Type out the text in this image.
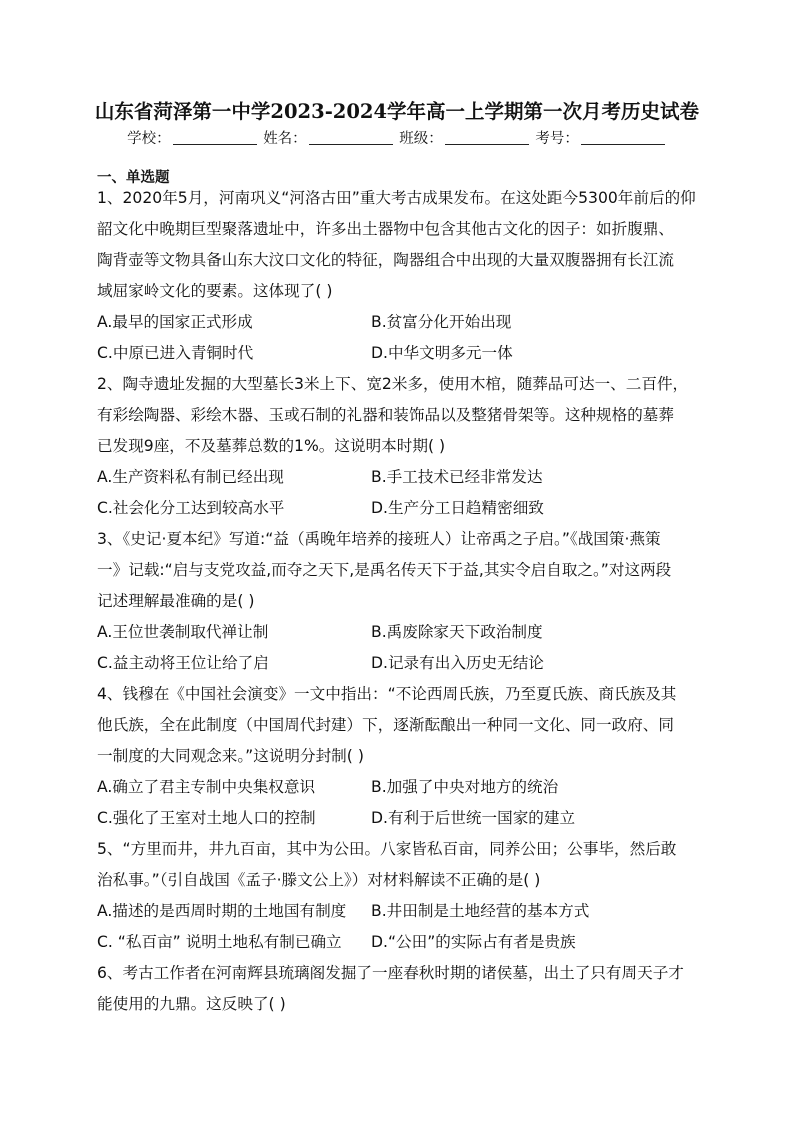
山东省菏泽第一中学2023-2024学年高一上学期第一次月考历史试卷
学校：	姓名：	班级：	考号：
一、单选题
1、2020年5月，河南巩义“河洛古田”重大考古成果发布。在这处距今5300年前后的仰
韶文化中晚期巨型聚落遗址中，许多出土器物中包含其他古文化的因子：如折腹鼎、
陶背壶等文物具备山东大汶口文化的特征，陶器组合中出现的大量双腹器拥有长江流
域屈家岭文化的要素。这体现了( )
A.最早的国家正式形成	B.贫富分化开始出现
C.中原已进入青铜时代	D.中华文明多元一体
2、陶寺遗址发掘的大型墓长3米上下、宽2米多，使用木棺，随葬品可达一、二百件，
有彩绘陶器、彩绘木器、玉或石制的礼器和装饰品以及整猪骨架等。这种规格的墓葬
已发现9座，不及墓葬总数的1%。这说明本时期( )
A.生产资料私有制已经出现	B.手工技术已经非常发达
C.社会化分工达到较高水平	D.生产分工日趋精密细致
3、《史记·夏本纪》写道:“益（禹晚年培养的接班人）让帝禹之子启。”《战国策·燕策
一》记载:“启与支党攻益,而夺之天下,是禹名传天下于益,其实令启自取之。”对这两段
记述理解最准确的是( )
A.王位世袭制取代禅让制	B.禹废除家天下政治制度
C.益主动将王位让给了启	D.记录有出入历史无结论
4、钱穆在《中国社会演变》一文中指出：“不论西周氏族，乃至夏氏族、商氏族及其
他氏族，全在此制度（中国周代封建）下，逐渐酝酿出一种同一文化、同一政府、同
一制度的大同观念来。”这说明分封制( )
A.确立了君主专制中央集权意识	B.加强了中央对地方的统治
C.强化了王室对土地人口的控制	D.有利于后世统一国家的建立
5、“方里而井，井九百亩，其中为公田。八家皆私百亩，同养公田；公事毕，然后敢
治私事。”（引自战国《孟子·滕文公上》）对材料解读不正确的是( )
A.描述的是西周时期的土地国有制度 B.井田制是土地经营的基本方式
C. “私百亩” 说明土地私有制已确立 D.“公田”的实际占有者是贵族
6、考古工作者在河南辉县琉璃阁发掘了一座春秋时期的诸侯墓，出土了只有周天子才
能使用的九鼎。这反映了( )
